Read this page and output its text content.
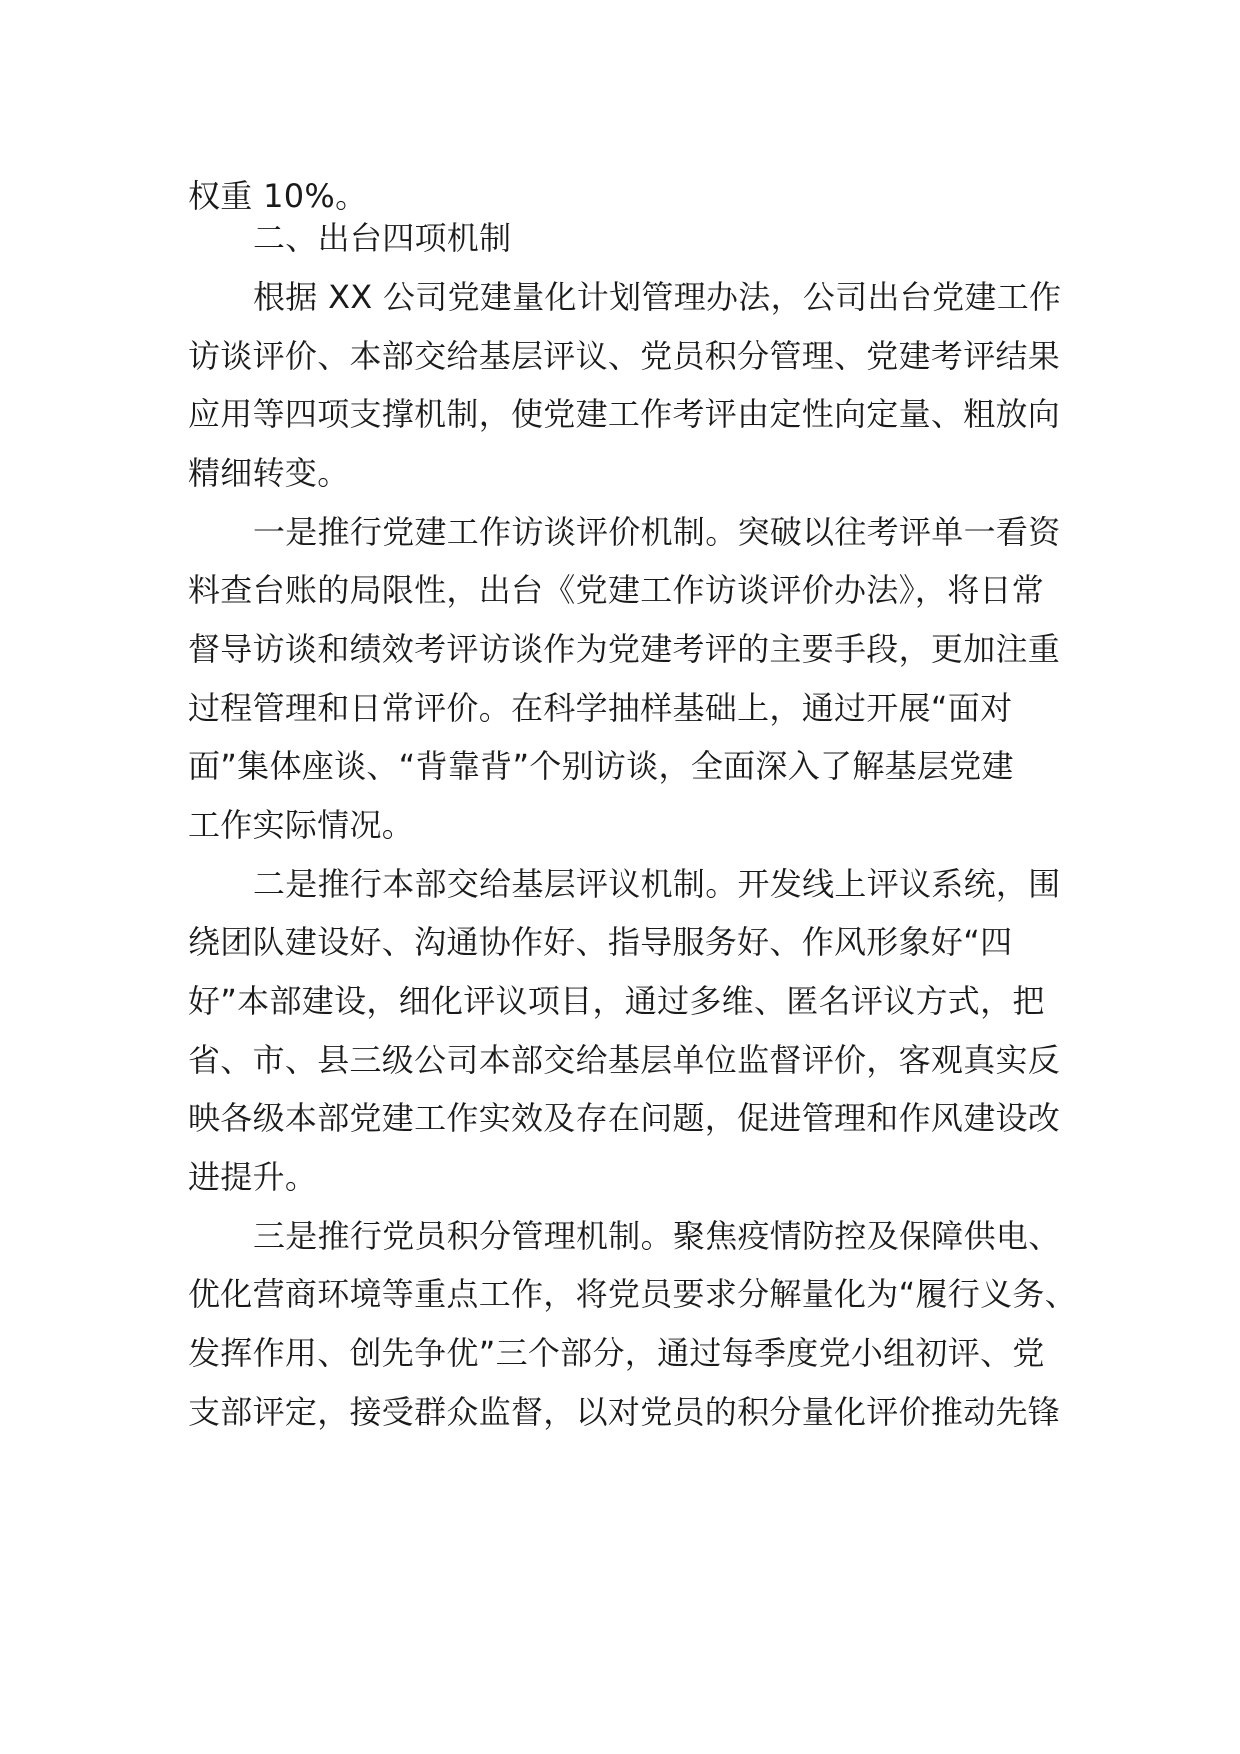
权重 10%。

二、出台四项机制

根据 XX 公司党建量化计划管理办法，公司出台党建工作

访谈评价、本部交给基层评议、党员积分管理、党建考评结果

应用等四项支撑机制，使党建工作考评由定性向定量、粗放向

精细转变。

一是推行党建工作访谈评价机制。突破以往考评单一看资

料查台账的局限性，出台《党建工作访谈评价办法》，将日常

督导访谈和绩效考评访谈作为党建考评的主要手段，更加注重

过程管理和日常评价。在科学抽样基础上，通过开展“面对

面”集体座谈、“背靠背”个别访谈，全面深入了解基层党建

工作实际情况。

二是推行本部交给基层评议机制。开发线上评议系统，围

绕团队建设好、沟通协作好、指导服务好、作风形象好“四

好”本部建设，细化评议项目，通过多维、匿名评议方式，把

省、市、县三级公司本部交给基层单位监督评价，客观真实反

映各级本部党建工作实效及存在问题，促进管理和作风建设改

进提升。

三是推行党员积分管理机制。聚焦疫情防控及保障供电、

优化营商环境等重点工作，将党员要求分解量化为“履行义务、

发挥作用、创先争优”三个部分，通过每季度党小组初评、党

支部评定，接受群众监督，以对党员的积分量化评价推动先锋
